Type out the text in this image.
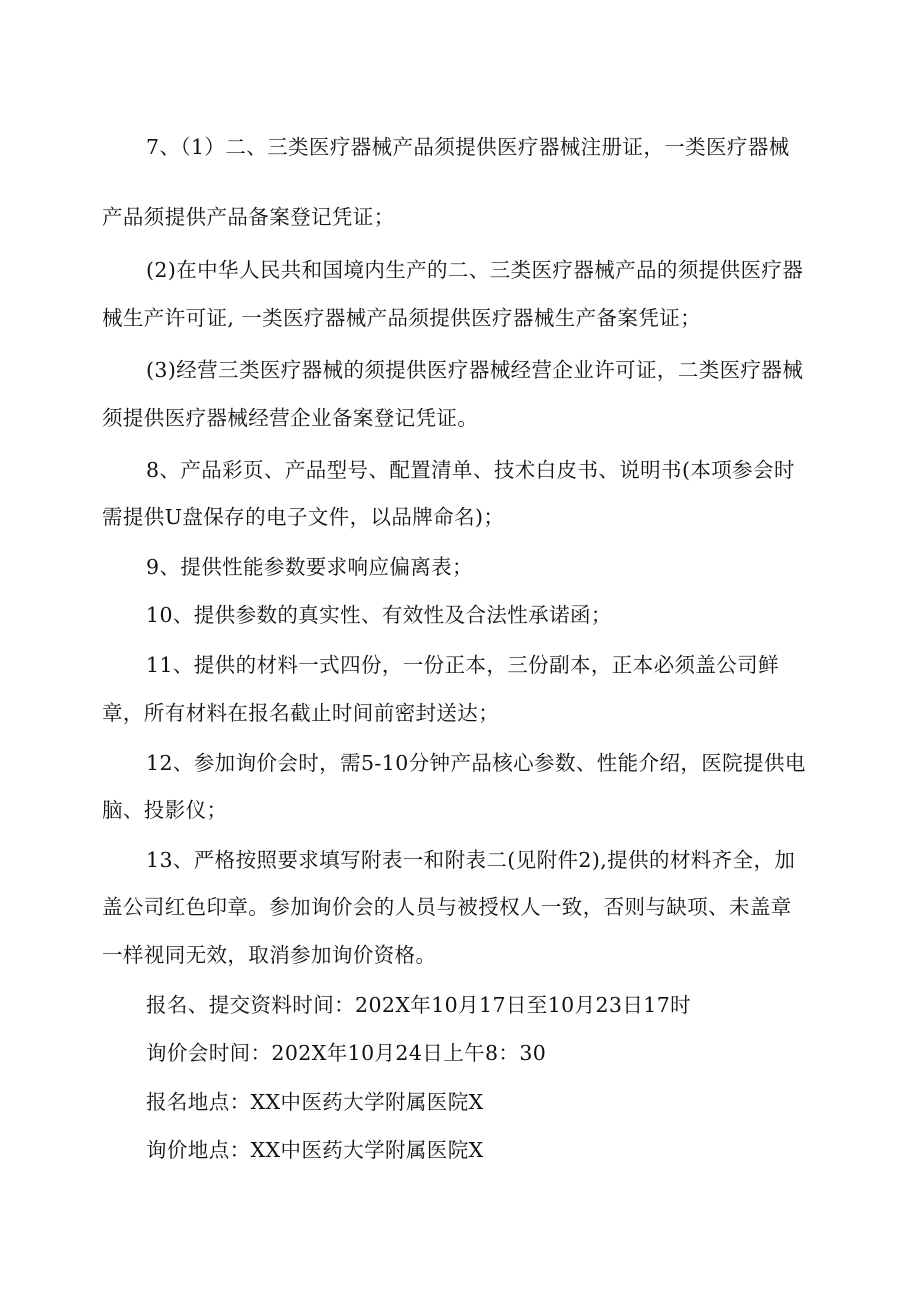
7、（1）二、三类医疗器械产品须提供医疗器械注册证，一类医疗器械
产品须提供产品备案登记凭证；
(2)在中华人民共和国境内生产的二、三类医疗器械产品的须提供医疗器
械生产许可证, 一类医疗器械产品须提供医疗器械生产备案凭证；
(3)经营三类医疗器械的须提供医疗器械经营企业许可证，二类医疗器械
须提供医疗器械经营企业备案登记凭证。
8、产品彩页、产品型号、配置清单、技术白皮书、说明书(本项参会时
需提供U盘保存的电子文件，以品牌命名)；
9、提供性能参数要求响应偏离表；
10、提供参数的真实性、有效性及合法性承诺函；
11、提供的材料一式四份，一份正本，三份副本，正本必须盖公司鲜
章，所有材料在报名截止时间前密封送达；
12、参加询价会时，需5-10分钟产品核心参数、性能介绍，医院提供电
脑、投影仪；
13、严格按照要求填写附表一和附表二(见附件2),提供的材料齐全，加
盖公司红色印章。参加询价会的人员与被授权人一致，否则与缺项、未盖章
一样视同无效，取消参加询价资格。
报名、提交资料时间：202X年10月17日至10月23日17时
询价会时间：202X年10月24日上午8：30
报名地点：XX中医药大学附属医院X
询价地点：XX中医药大学附属医院X
